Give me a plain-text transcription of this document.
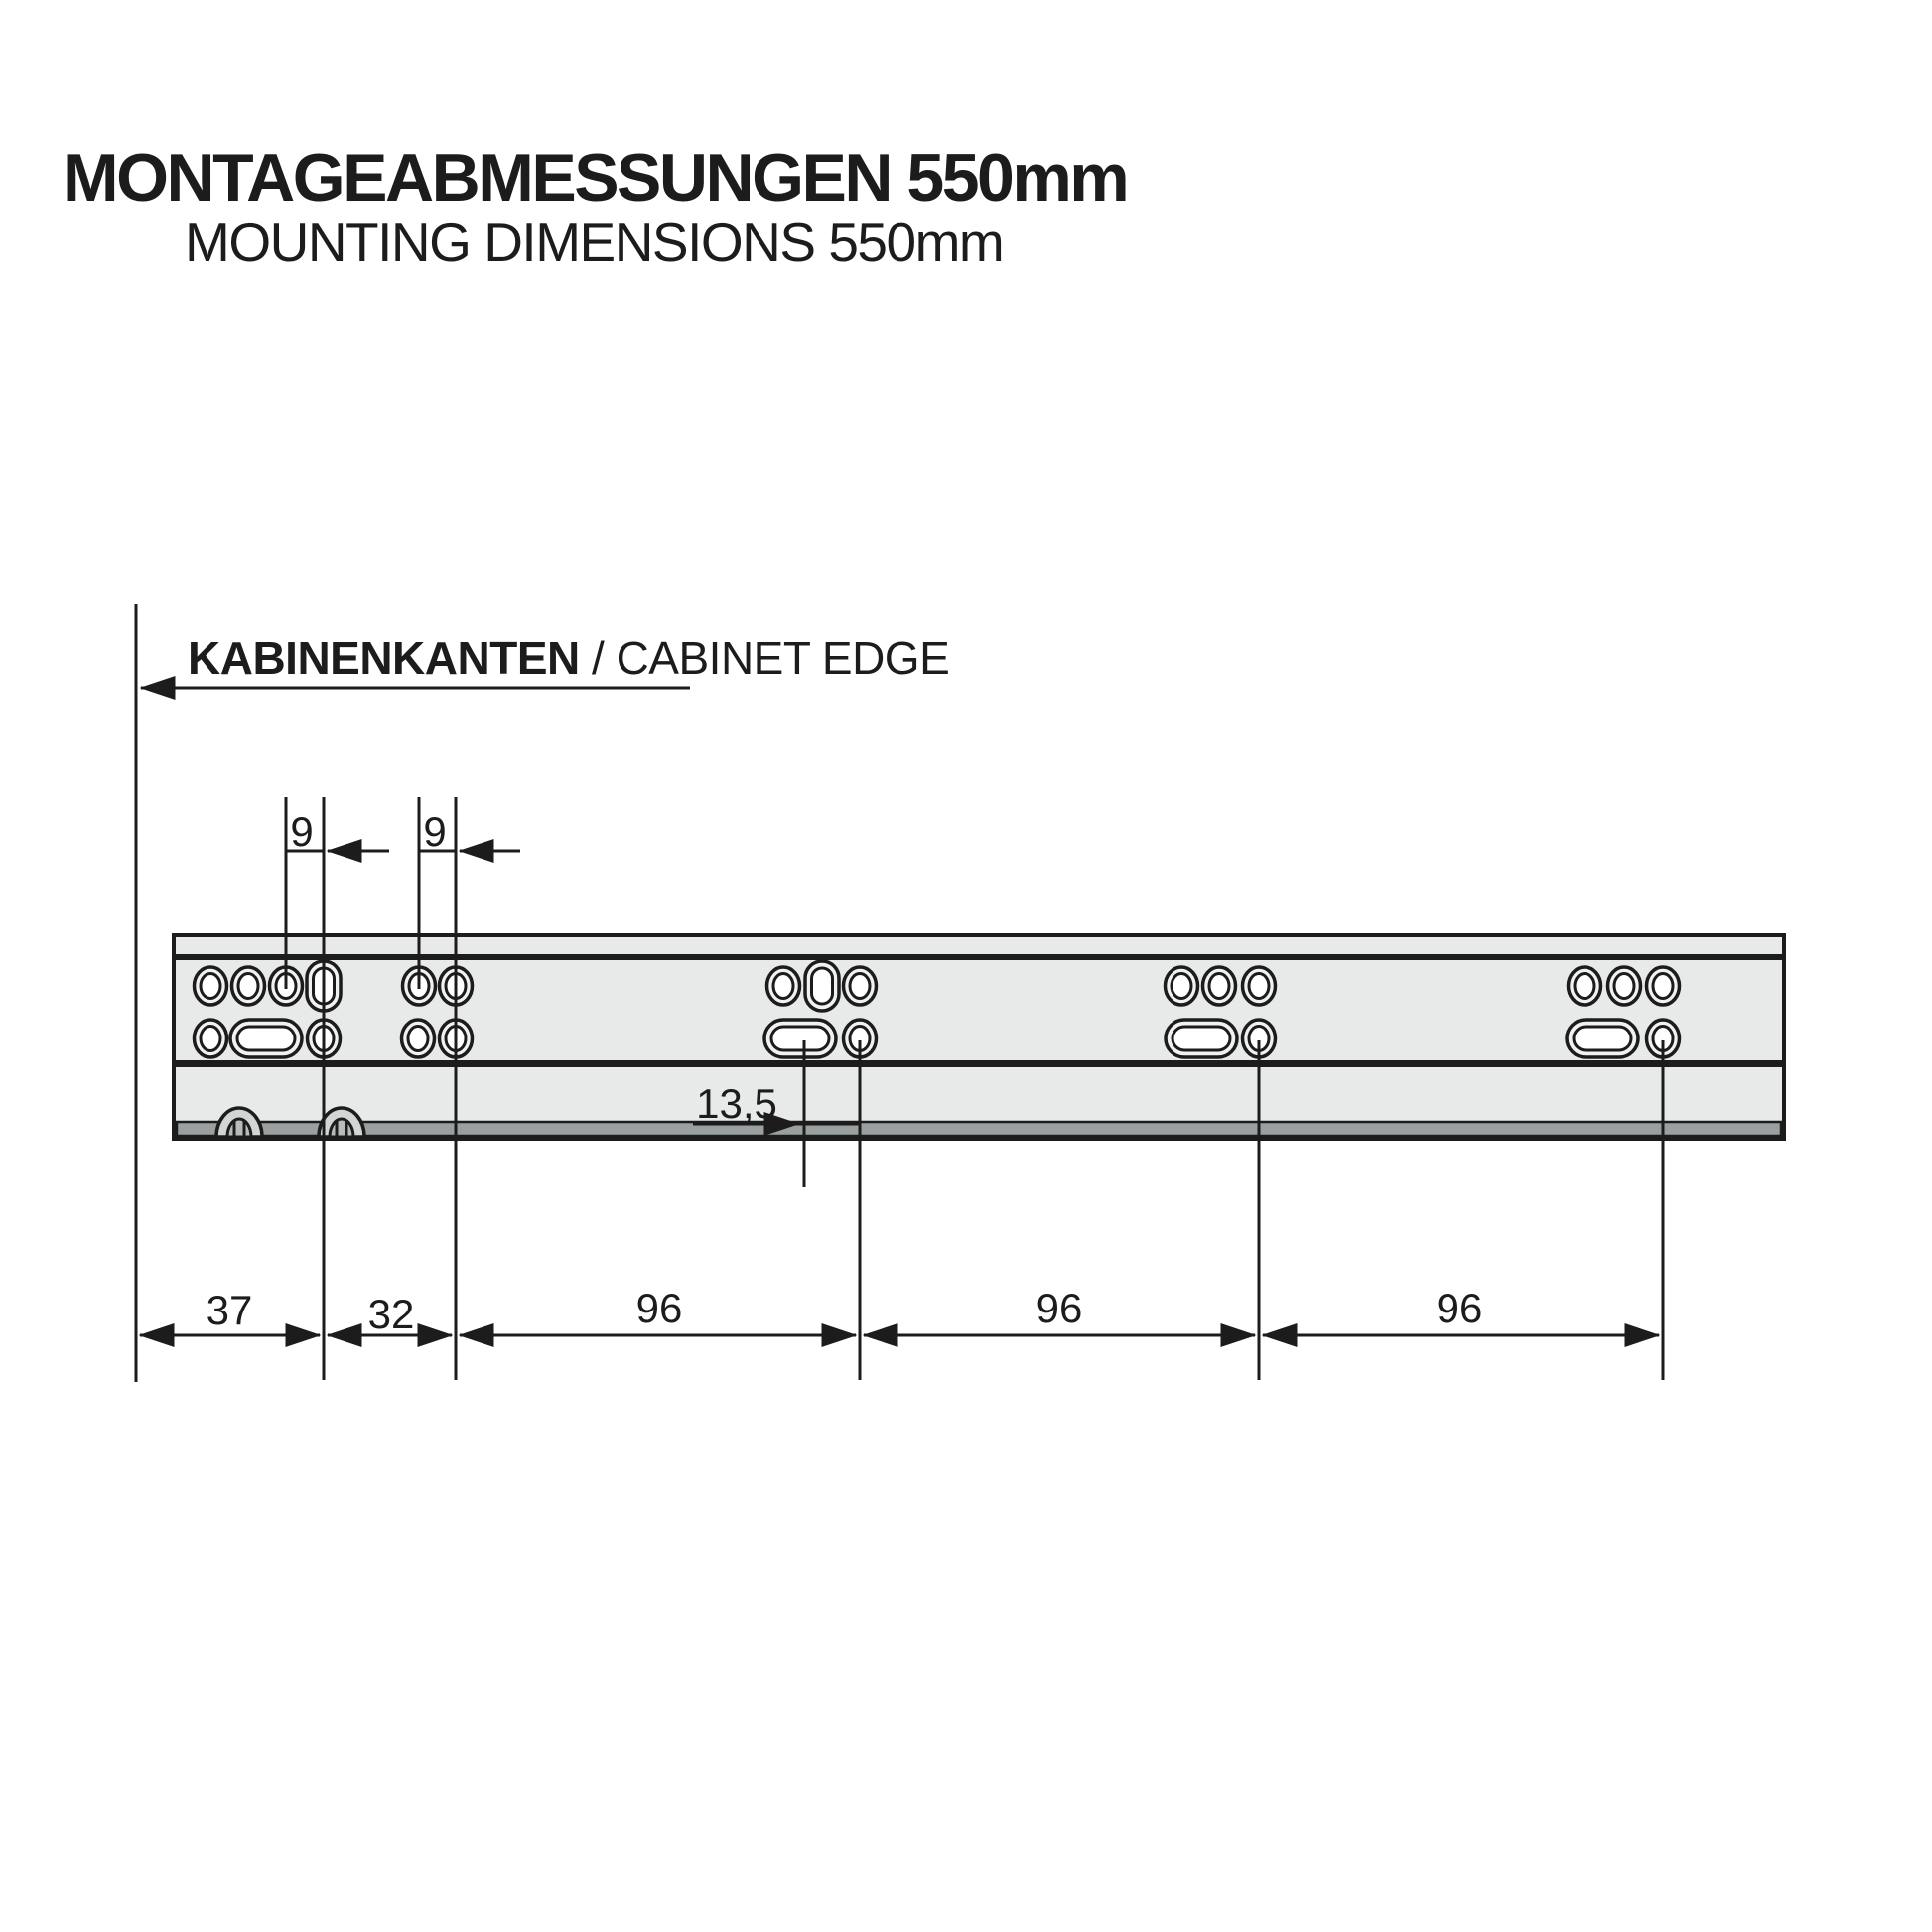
MONTAGEABMESSUNGEN 550mm
MOUNTING DIMENSIONS 550mm
KABINENKANTEN / CABINET EDGE
9	9
13,5
37	32	96	96	96
